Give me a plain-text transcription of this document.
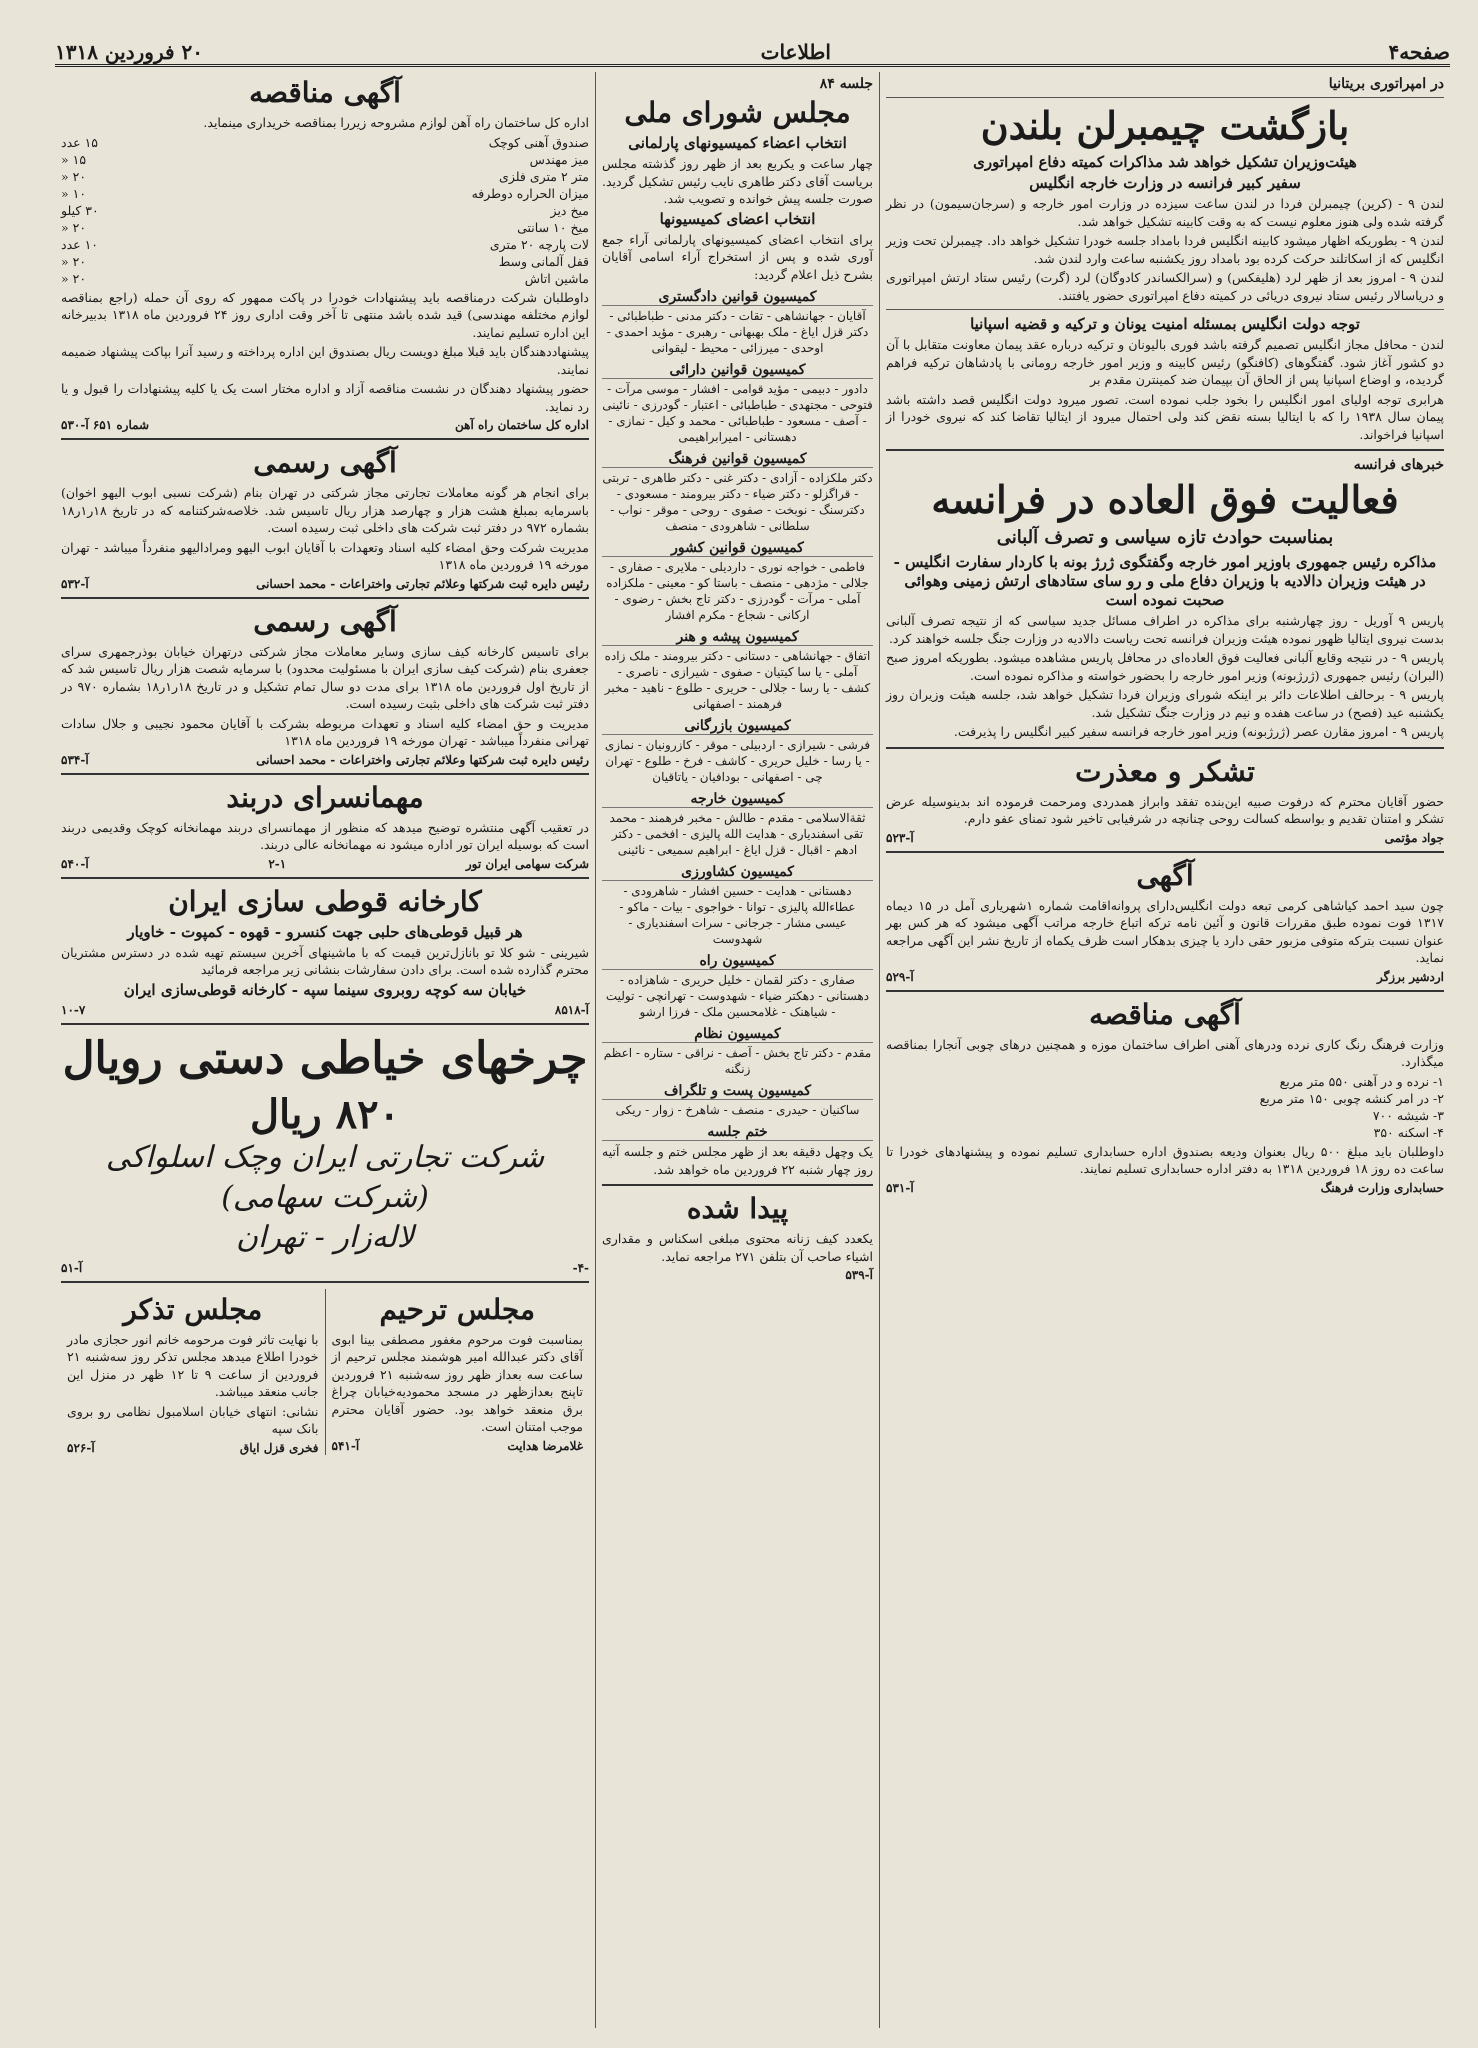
صفحه۴
اطلاعات
۲۰ فروردین ۱۳۱۸
در امپراتوری بریتانیا
بازگشت چیمبرلن بلندن
هیئت‌وزیران تشکیل خواهد شد مذاکرات کمیته دفاع امپراتوری
سفیر کبیر فرانسه در وزارت خارجه انگلیس

لندن ۹ - (کرین) چیمبرلن فردا در لندن ساعت سیزده در وزارت امور خارجه و (سرجان‌سیمون) در نظر گرفته شده ولی هنوز معلوم نیست که به وقت کابینه تشکیل خواهد شد.

لندن ۹ - بطوریکه اظهار میشود کابینه انگلیس فردا بامداد جلسه خودرا تشکیل خواهد داد. چیمبرلن تحت وزیر انگلیس که از اسکاتلند حرکت کرده بود بامداد روز یکشنبه ساعت وارد لندن شد.

لندن ۹ - امروز بعد از ظهر لرد (هلیفکس) و (سرالکساندر کادوگان) لرد (گرت) رئیس ستاد ارتش امپراتوری و دریاسالار رئیس ستاد نیروی دریائی در کمیته دفاع امپراتوری حضور یافتند.

توجه دولت انگلیس بمسئله امنیت یونان و ترکیه و قضیه اسپانیا

لندن - محافل مجاز انگلیس تصمیم گرفته باشد فوری بالیونان و ترکیه درباره عقد پیمان معاونت متقابل با آن دو کشور آغاز شود. گفتگوهای (کافنگو) رئیس کابینه و وزیر امور خارجه رومانی با پادشاهان ترکیه فراهم گردیده، و اوضاع اسپانیا پس از الحاق آن بپیمان ضد کمینترن مقدم بر

هرابری توجه اولیای امور انگلیس را بخود جلب نموده است. تصور میرود دولت انگلیس قصد داشته باشد پیمان سال ۱۹۳۸ را که با ایتالیا بسته نقض کند ولی احتمال میرود از ایتالیا تقاضا کند که نیروی خودرا از اسپانیا فراخواند.

خبرهای فرانسه
فعالیت فوق العاده در فرانسه
بمناسبت حوادث تازه سیاسی و تصرف آلبانی
مذاکره رئیس جمهوری باوزیر امور خارجه وگفتگوی ژرژ بونه با کاردار سفارت انگلیس - در هیئت وزیران دالادیه با وزیران دفاع ملی و رو سای ستادهای ارتش زمینی وهوائی صحبت نموده است

پاریس ۹ آوریل - روز چهارشنبه برای مذاکره در اطراف مسائل جدید سیاسی که از نتیجه تصرف آلبانی بدست نیروی ایتالیا ظهور نموده هیئت وزیران فرانسه تحت ریاست دالادیه در وزارت جنگ جلسه خواهند کرد.

پاریس ۹ - در نتیجه وقایع آلبانی فعالیت فوق العاده‌ای در محافل پاریس مشاهده میشود. بطوریکه امروز صبح (البران) رئیس جمهوری (ژرژبونه) وزیر امور خارجه را بحضور خواسته و مذاکره نموده است.

پاریس ۹ - برحالف اطلاعات دائر بر اینکه شورای وزیران فردا تشکیل خواهد شد، جلسه هیئت وزیران روز یکشنبه عید (فصح) در ساعت هفده و نیم در وزارت جنگ تشکیل شد.

پاریس ۹ - امروز مقارن عصر (ژرژبونه) وزیر امور خارجه فرانسه سفیر کبیر انگلیس را پذیرفت.

تشکر و معذرت

حضور آقایان محترم که درفوت صبیه این‌بنده تفقد وابراز همدردی ومرحمت فرموده اند بدینوسیله عرض تشکر و امتنان تقدیم و بواسطه کسالت روحی چنانچه در شرفیابی تاخیر شود تمنای عفو دارم.

جواد مؤتمی
آ-۵۲۳
آگهی

چون سید احمد کیاشاهی کرمی تبعه دولت انگلیس‌دارای پروانه‌اقامت شماره ۱شهریاری آمل در ۱۵ دیماه ۱۳۱۷ فوت نموده طبق مقررات قانون و آئین نامه ترکه اتباع خارجه مراتب آگهی میشود که هر کس بهر عنوان نسبت بترکه متوفی مزبور حقی دارد یا چیزی بدهکار است ظرف یکماه از تاریخ نشر این آگهی مراجعه نماید.

اردشیر برزگر
آ-۵۲۹
آگهی مناقصه

وزارت فرهنگ رنگ کاری نرده ودرهای آهنی اطراف ساختمان موزه و همچنین درهای چوبی آنجارا بمناقصه میگذارد.

۱- نرده و در آهنی ۵۵۰ متر مربع
۲- در امر کنشه چوبی ۱۵۰ متر مربع
۳- شیشه ۷۰۰
۴- اسکنه ۳۵۰

داوطلبان باید مبلغ ۵۰۰ ریال بعنوان ودیعه بصندوق اداره حسابداری تسلیم نموده و پیشنهادهای خودرا تا ساعت ده روز ۱۸ فروردین ۱۳۱۸ به دفتر اداره حسابداری تسلیم نمایند.

حسابداری وزارت فرهنگ
آ-۵۳۱
جلسه ۸۴
مجلس شورای ملی
انتخاب اعضاء کمیسیونهای پارلمانی

چهار ساعت و یکربع بعد از ظهر روز گذشته مجلس بریاست آقای دکتر طاهری نایب رئیس تشکیل گردید. صورت جلسه پیش خوانده و تصویب شد.

انتخاب اعضای کمیسیونها

برای انتخاب اعضای کمیسیونهای پارلمانی آراء جمع آوری شده و پس از استخراج آراء اسامی آقایان بشرح ذیل اعلام گردید:

کمیسیون قوانین دادگستری

آقایان - جهانشاهی - تقات - دکتر مدنی - طباطبائی - دکتر قزل ایاغ - ملک بهبهانی - رهبری - مؤید احمدی - اوحدی - میرزائی - محیط - لیقوانی

کمیسیون قوانین دارائی

دادور - دبیمی - مؤید قوامی - افشار - موسی مرآت - فتوحی - مجتهدی - طباطبائی - اعتبار - گودرزی - نائینی - آصف - مسعود - طباطبائی - محمد و کیل - نمازی - دهستانی - امیرابراهیمی

کمیسیون قوانین فرهنگ

دکتر ملکزاده - آزادی - دکتر غنی - دکتر طاهری - تربتی - قراگزلو - دکتر ضیاء - دکتر بیرومند - مسعودی - دکترسنگ - نوبخت - صفوی - روحی - موقر - نواب - سلطانی - شاهرودی - منصف

کمیسیون قوانین کشور

فاطمی - خواجه نوری - داردیلی - ملایری - صفاری - جلالی - مژدهی - منصف - باستا کو - معینی - ملکزاده آملی - مرآت - گودرزی - دکتر تاج بخش - رضوی - ارکانی - شجاع - مکرم افشار

کمیسیون پیشه و هنر

اتفاق - جهانشاهی - دستانی - دکتر بیرومند - ملک زاده آملی - یا سا کیتیان - صفوی - شیرازی - ناصری - کشف - یا رسا - جلالی - حریری - طلوع - ناهید - مخبر فرهمند - اصفهانی

کمیسیون بازرگانی

فرشی - شیرازی - اردبیلی - موقر - کازرونیان - نمازی - یا رسا - خلیل حریری - کاشف - فرخ - طلوع - تهران چی - اصفهانی - بودافیان - یاتاقیان

کمیسیون خارجه

ثقةالاسلامی - مقدم - طالش - مخبر فرهمند - محمد تقی اسفندیاری - هدایت الله پالیزی - افخمی - دکتر ادهم - اقبال - قزل ایاغ - ابراهیم سمیعی - نائینی

کمیسیون کشاورزی

دهستانی - هدایت - حسین افشار - شاهرودی - عطاءالله پالیزی - توانا - خواجوی - بیات - ماکو - عیسی مشار - جرجانی - سرات اسفندیاری - شهدوست

کمیسیون راه

صفاری - دکتر لقمان - خلیل حریری - شاهزاده - دهستانی - دهکتر ضیاء - شهدوست - تهرانچی - تولیت - شیاهنک - غلامحسین ملک - فرزا ارشو

کمیسیون نظام

مقدم - دکتر تاج بخش - آصف - نراقی - ستاره - اعظم زنگنه

کمیسیون پست و تلگراف

ساکنیان - حیدری - منصف - شاهرخ - زوار - ریکی

ختم جلسه

یک وچهل دقیقه بعد از ظهر مجلس ختم و جلسه آتیه روز چهار شنبه ۲۲ فروردین ماه خواهد شد.

پیدا شده

یکعدد کیف زنانه محتوی مبلغی اسکناس و مقداری اشیاء صاحب آن بتلفن ۲۷۱ مراجعه نماید.

آ-۵۳۹
آگهی مناقصه

اداره کل ساختمان راه آهن لوازم مشروحه زیررا بمناقصه خریداری مینماید.

صندوق آهنی کوچک
۱۵ عدد
میز مهندس
۱۵ «
متر ۲ متری فلزی
۲۰ «
میزان الحراره دوطرفه
۱۰ «
میخ دیز
۳۰ کیلو
میخ ۱۰ سانتی
۲۰ «
لات پارچه ۲۰ متری
۱۰ عدد
قفل آلمانی وسط
۲۰ «
ماشین اتاش
۲۰ «

داوطلبان شرکت درمناقصه باید پیشنهادات خودرا در پاکت ممهور که روی آن حمله (راجع بمناقصه لوازم مختلفه مهندسی) قید شده باشد منتهی تا آخر وقت اداری روز ۲۴ فروردین ماه ۱۳۱۸ بدبیرخانه این اداره تسلیم نمایند.

پیشنهاددهندگان باید قبلا مبلغ دویست ریال بصندوق این اداره پرداخته و رسید آنرا بپاکت پیشنهاد ضمیمه نمایند.

حضور پیشنهاد دهندگان در نشست مناقصه آزاد و اداره مختار است یک یا کلیه پیشنهادات را قبول و یا رد نماید.

اداره کل ساختمان راه آهن
شماره ۶۵۱ آ-۵۳۰
آگهی رسمی

برای انجام هر گونه معاملات تجارتی مجاز شرکتی در تهران بنام (شرکت نسبی ابوب الیهو اخوان) باسرمایه بمبلغ هشت هزار و چهارصد هزار ریال تاسیس شد. خلاصه‌شرکتنامه که در تاریخ ۱۸ر۱ر۱۸ بشماره ۹۷۲ در دفتر ثبت شرکت های داخلی ثبت رسیده است.

مدیریت شرکت وحق امضاء کلیه اسناد وتعهدات با آقایان ابوب الیهو ومرادالیهو منفرداً میباشد - تهران مورخه ۱۹ فروردین ماه ۱۳۱۸

رئیس دایره ثبت شرکتها وعلائم تجارتی واختراعات - محمد احسانی
آ-۵۳۲
آگهی رسمی

برای تاسیس کارخانه کیف سازی وسایر معاملات مجاز شرکتی درتهران خیابان بوذرجمهری سرای جعفری بنام (شرکت کیف سازی ایران با مسئولیت محدود) با سرمایه شصت هزار ریال تاسیس شد که از تاریخ اول فروردین ماه ۱۳۱۸ برای مدت دو سال تمام تشکیل و در تاریخ ۱۸ر۱ر۱۸ بشماره ۹۷۰ در دفتر ثبت شرکت های داخلی بثبت رسیده است.

مدیریت و حق امضاء کلیه اسناد و تعهدات مربوطه بشرکت با آقایان محمود نجیبی و جلال سادات تهرانی منفرداً میباشد - تهران مورخه ۱۹ فروردین ماه ۱۳۱۸

رئیس دایره ثبت شرکتها وعلائم تجارتی واختراعات - محمد احسانی
آ-۵۳۴
مهمانسرای دربند

در تعقیب آگهی منتشره توضیح میدهد که منظور از مهمانسرای دربند مهمانخانه کوچک وقدیمی دربند است که بوسیله ایران تور اداره میشود نه مهمانخانه عالی دربند.

شرکت سهامی ایران تور
۲-۱
آ-۵۴۰
کارخانه قوطی سازی ایران
هر قبیل قوطی‌های حلبی جهت کنسرو - قهوه - کمپوت - خاویار

شیرینی - شو کلا تو بانازل‌ترین قیمت که با ماشینهای آخرین سیستم تهیه شده در دسترس مشتریان محترم گذارده شده است. برای دادن سفارشات بنشانی زیر مراجعه فرمائید

خیابان سه کوچه روبروی سینما سپه - کارخانه قوطی‌سازی ایران
آ-۸۵۱۸
۱۰-۷
چرخهای خیاطی دستی رویال
۸۲۰ ریال
شرکت تجارتی ایران وچک اسلواکی (شرکت سهامی)
لاله‌زار - تهران
-۴-
آ-۵۱
مجلس ترحیم

بمناسبت فوت مرحوم مغفور مصطفی بینا ابوی آقای دکتر عبدالله امیر هوشمند مجلس ترحیم از ساعت سه بعداز ظهر روز سه‌شنبه ۲۱ فروردین تاپنج بعدازظهر در مسجد محمودیه‌خیابان چراغ برق منعقد خواهد بود. حضور آقایان محترم موجب امتنان است.

غلامرضا هدایت
آ-۵۴۱
مجلس تذکر

با نهایت تاثر فوت مرحومه خانم انور حجازی مادر خودرا اطلاع میدهد مجلس تذکر روز سه‌شنبه ۲۱ فروردین از ساعت ۹ تا ۱۲ ظهر در منزل این جانب منعقد میباشد.

نشانی: انتهای خیابان اسلامبول نظامی رو بروی بانک سپه

فخری قزل ایاق
آ-۵۲۶
